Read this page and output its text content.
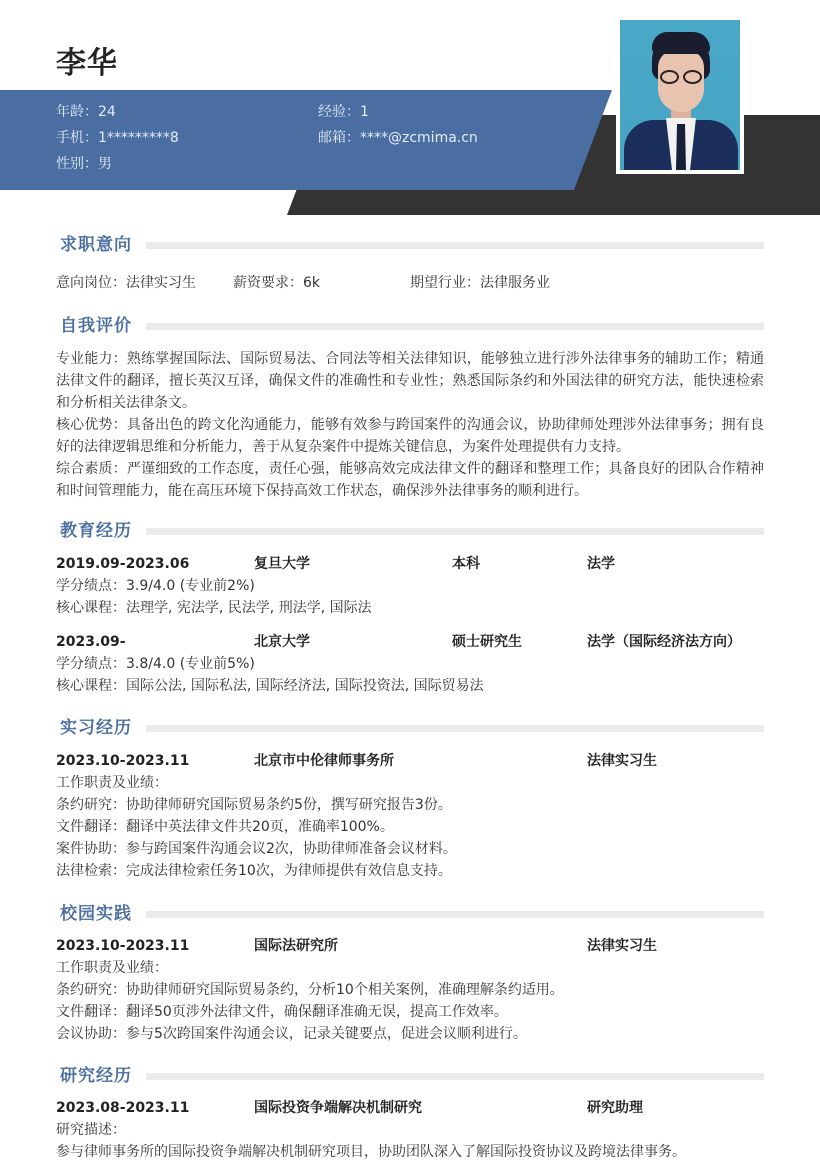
李华
年龄：24	经验：1
手机：1*********8	邮箱：****@zcmima.cn
性别：男
求职意向
意向岗位：法律实习生	薪资要求：6k	期望行业：法律服务业
自我评价
专业能力：熟练掌握国际法、国际贸易法、合同法等相关法律知识，能够独立进行涉外法律事务的辅助工作；精通法律文件的翻译，擅长英汉互译，确保文件的准确性和专业性；熟悉国际条约和外国法律的研究方法，能快速检索和分析相关法律条文。
核心优势：具备出色的跨文化沟通能力，能够有效参与跨国案件的沟通会议，协助律师处理涉外法律事务；拥有良好的法律逻辑思维和分析能力，善于从复杂案件中提炼关键信息，为案件处理提供有力支持。
综合素质：严谨细致的工作态度，责任心强，能够高效完成法律文件的翻译和整理工作；具备良好的团队合作精神和时间管理能力，能在高压环境下保持高效工作状态，确保涉外法律事务的顺利进行。
教育经历
2019.09-2023.06	复旦大学	本科	法学
学分绩点：3.9/4.0 (专业前2%)
核心课程：法理学, 宪法学, 民法学, 刑法学, 国际法
2023.09-	北京大学	硕士研究生	法学（国际经济法方向）
学分绩点：3.8/4.0 (专业前5%)
核心课程：国际公法, 国际私法, 国际经济法, 国际投资法, 国际贸易法
实习经历
2023.10-2023.11	北京市中伦律师事务所	法律实习生
工作职责及业绩：
条约研究：协助律师研究国际贸易条约5份，撰写研究报告3份。
文件翻译：翻译中英法律文件共20页，准确率100%。
案件协助：参与跨国案件沟通会议2次，协助律师准备会议材料。
法律检索：完成法律检索任务10次，为律师提供有效信息支持。
校园实践
2023.10-2023.11	国际法研究所	法律实习生
工作职责及业绩：
条约研究：协助律师研究国际贸易条约，分析10个相关案例，准确理解条约适用。
文件翻译：翻译50页涉外法律文件，确保翻译准确无误，提高工作效率。
会议协助：参与5次跨国案件沟通会议，记录关键要点，促进会议顺利进行。
研究经历
2023.08-2023.11	国际投资争端解决机制研究	研究助理
研究描述：
参与律师事务所的国际投资争端解决机制研究项目，协助团队深入了解国际投资协议及跨境法律事务。
